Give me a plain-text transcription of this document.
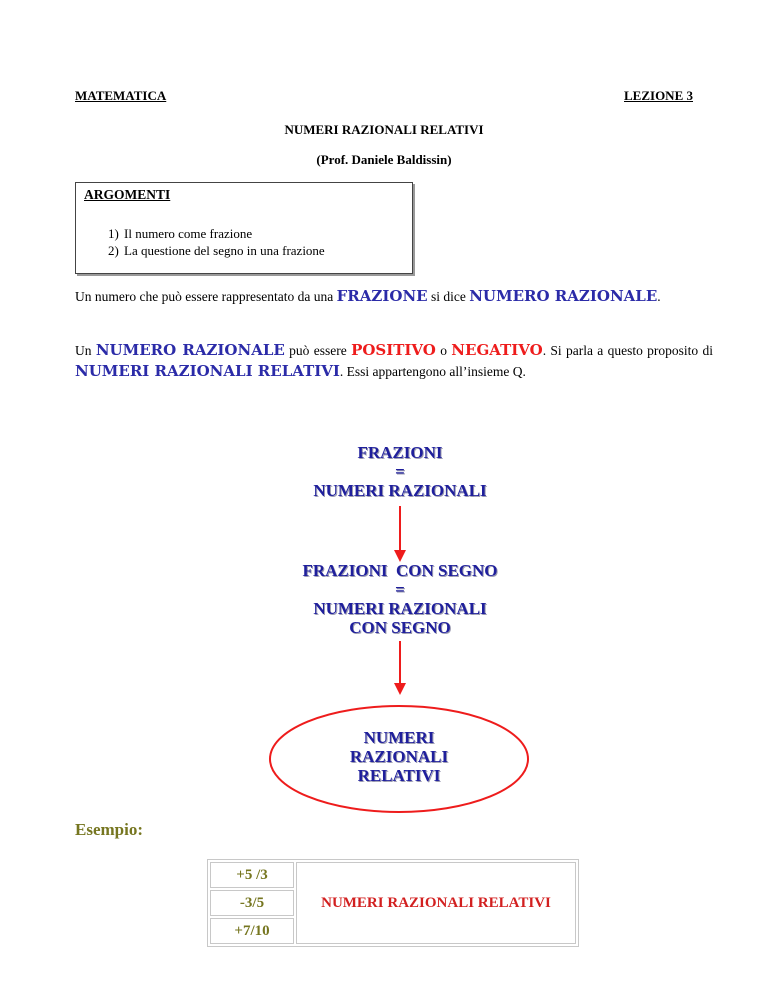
MATEMATICA	LEZIONE 3
NUMERI RAZIONALI RELATIVI
(Prof. Daniele Baldissin)
ARGOMENTI
1) Il numero come frazione
2) La questione del segno in una frazione
Un numero che può essere rappresentato da una FRAZIONE si dice NUMERO RAZIONALE.
Un NUMERO RAZIONALE può essere POSITIVO o NEGATIVO. Si parla a questo proposito di NUMERI RAZIONALI RELATIVI. Essi appartengono all’insieme Q.
FRAZIONI
=
NUMERI RAZIONALI
FRAZIONI  CON SEGNO
=
NUMERI RAZIONALI
CON SEGNO
NUMERI
RAZIONALI
RELATIVI
Esempio:
+5 /3	NUMERI RAZIONALI RELATIVI
-3/5
+7/10
